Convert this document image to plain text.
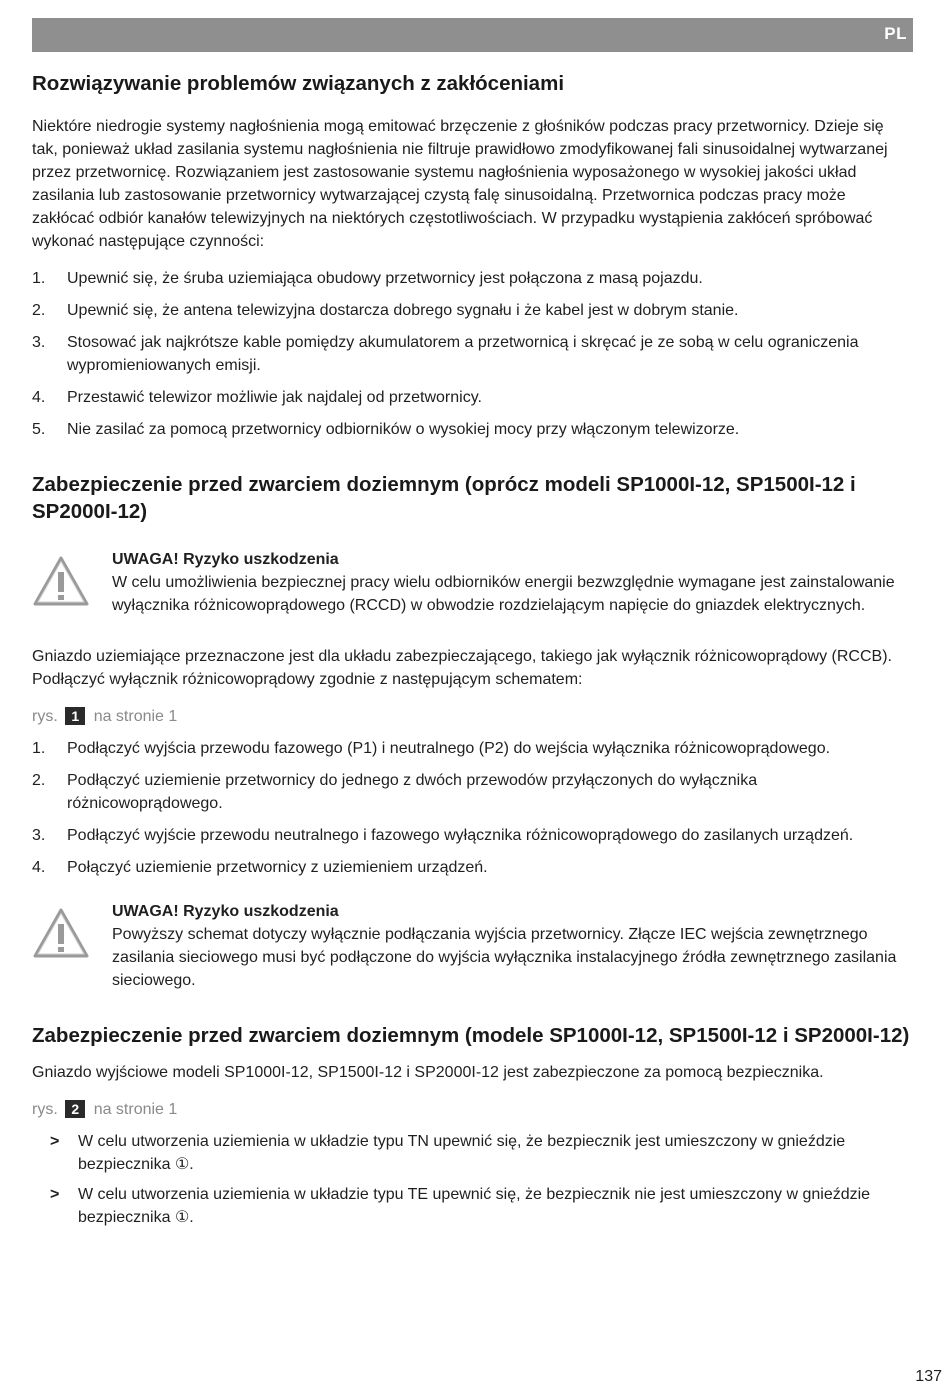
PL
Rozwiązywanie problemów związanych z zakłóceniami

Niektóre niedrogie systemy nagłośnienia mogą emitować brzęczenie z głośników podczas pracy przetwornicy. Dzieje się tak, ponieważ układ zasilania systemu nagłośnienia nie filtruje prawidłowo zmodyfikowanej fali sinusoidalnej wytwarzanej przez przetwornicę. Rozwiązaniem jest zastosowanie systemu nagłośnienia wyposażonego w wysokiej jakości układ zasilania lub zastosowanie przetwornicy wytwarzającej czystą falę sinusoidalną. Przetwornica podczas pracy może zakłócać odbiór kanałów telewizyjnych na niektórych częstotliwościach. W przypadku wystąpienia zakłóceń spróbować wykonać następujące czynności:

1. Upewnić się, że śruba uziemiająca obudowy przetwornicy jest połączona z masą pojazdu.
2. Upewnić się, że antena telewizyjna dostarcza dobrego sygnału i że kabel jest w dobrym stanie.
3. Stosować jak najkrótsze kable pomiędzy akumulatorem a przetwornicą i skręcać je ze sobą w celu ograniczenia wypromieniowanych emisji.
4. Przestawić telewizor możliwie jak najdalej od przetwornicy.
5. Nie zasilać za pomocą przetwornicy odbiorników o wysokiej mocy przy włączonym telewizorze.
Zabezpieczenie przed zwarciem doziemnym (oprócz modeli SP1000I-12, SP1500I-12 i SP2000I-12)
UWAGA! Ryzyko uszkodzenia
W celu umożliwienia bezpiecznej pracy wielu odbiorników energii bezwzględnie wymagane jest zainstalowanie wyłącznika różnicowoprądowego (RCCD) w obwodzie rozdzielającym napięcie do gniazdek elektrycznych.

Gniazdo uziemiające przeznaczone jest dla układu zabezpieczającego, takiego jak wyłącznik różnicowoprądowy (RCCB). Podłączyć wyłącznik różnicowoprądowy zgodnie z następującym schematem:

rys. 1 na stronie 1
1. Podłączyć wyjścia przewodu fazowego (P1) i neutralnego (P2) do wejścia wyłącznika różnicowoprądowego.
2. Podłączyć uziemienie przetwornicy do jednego z dwóch przewodów przyłączonych do wyłącznika różnicowoprądowego.
3. Podłączyć wyjście przewodu neutralnego i fazowego wyłącznika różnicowoprądowego do zasilanych urządzeń.
4. Połączyć uziemienie przetwornicy z uziemieniem urządzeń.
UWAGA! Ryzyko uszkodzenia
Powyższy schemat dotyczy wyłącznie podłączania wyjścia przetwornicy. Złącze IEC wejścia zewnętrznego zasilania sieciowego musi być podłączone do wyjścia wyłącznika instalacyjnego źródła zewnętrznego zasilania sieciowego.
Zabezpieczenie przed zwarciem doziemnym (modele SP1000I-12, SP1500I-12 i SP2000I-12)

Gniazdo wyjściowe modeli SP1000I-12, SP1500I-12 i SP2000I-12 jest zabezpieczone za pomocą bezpiecznika.

rys. 2 na stronie 1
> W celu utworzenia uziemienia w układzie typu TN upewnić się, że bezpiecznik jest umieszczony w gnieździe bezpiecznika ①.
> W celu utworzenia uziemienia w układzie typu TE upewnić się, że bezpiecznik nie jest umieszczony w gnieździe bezpiecznika ①.
137
